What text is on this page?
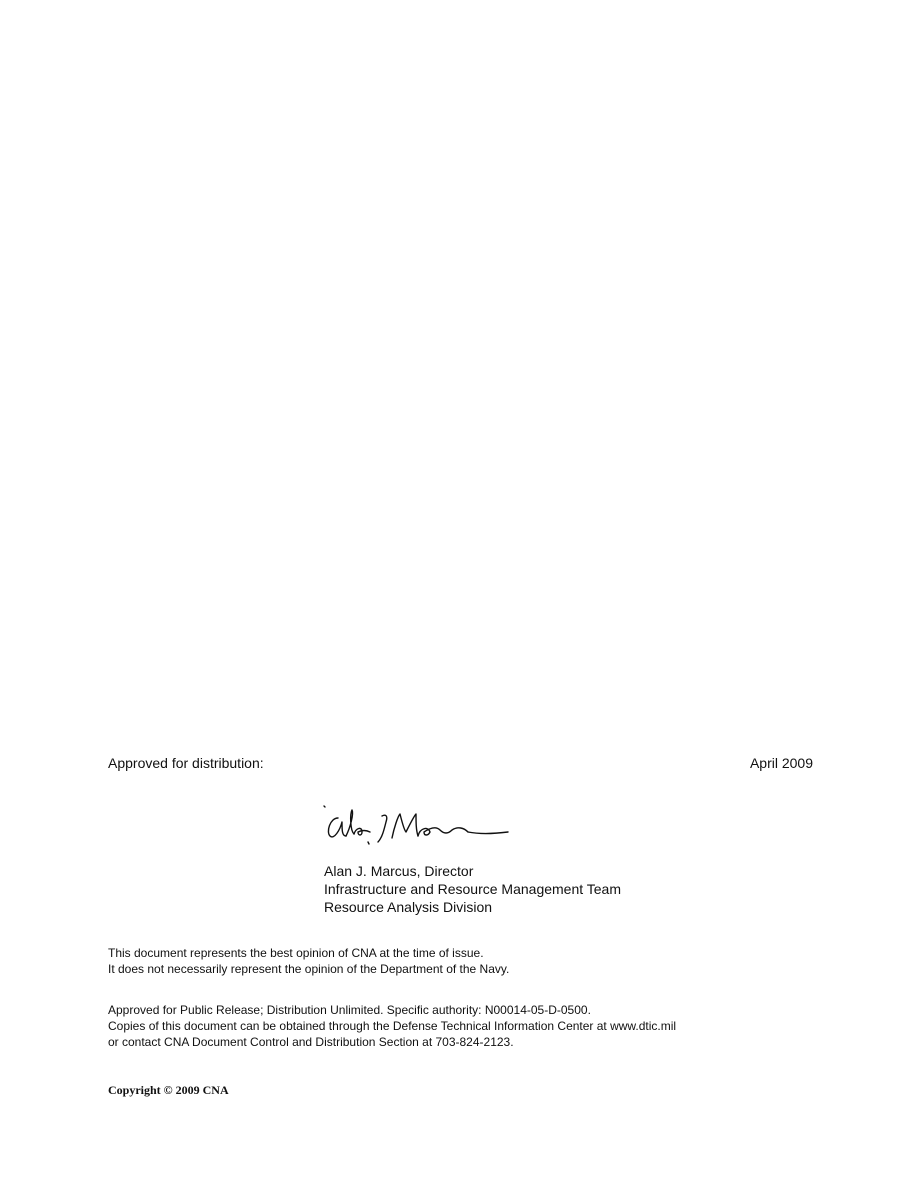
Approved for distribution:	April 2009
Alan J. Marcus, Director
Infrastructure and Resource Management Team
Resource Analysis Division
This document represents the best opinion of CNA at the time of issue.
It does not necessarily represent the opinion of the Department of the Navy.
Approved for Public Release; Distribution Unlimited. Specific authority: N00014-05-D-0500.
Copies of this document can be obtained through the Defense Technical Information Center at www.dtic.mil
or contact CNA Document Control and Distribution Section at 703-824-2123.
Copyright © 2009 CNA
